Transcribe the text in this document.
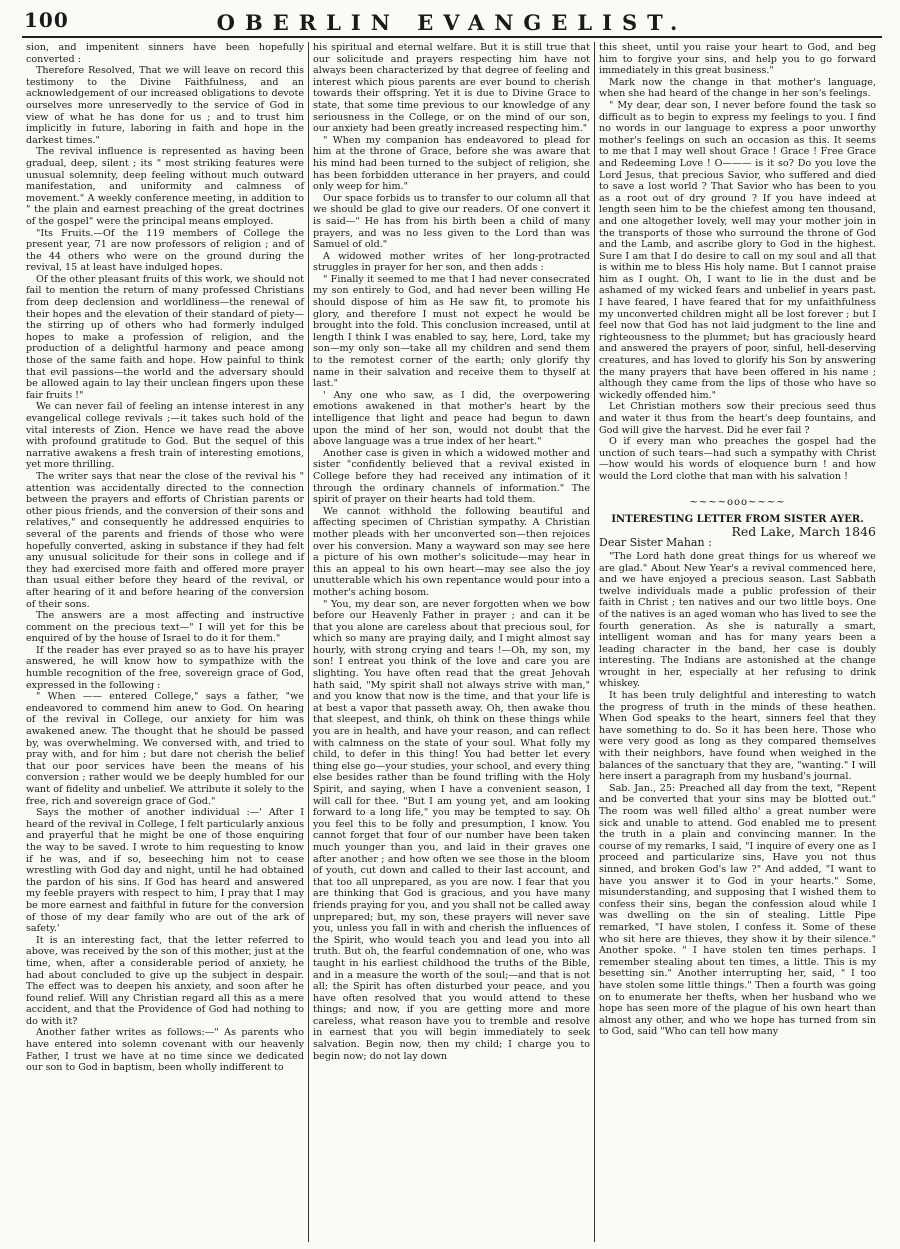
100	OBERLIN EVANGELIST.

sion, and impenitent sinners have been hopefully converted :

Therefore Resolved, That we will leave on record this testimony to the Divine Faithfulness, and an acknowledgement of our increased obligations to devote ourselves more unreservedly to the service of God in view of what he has done for us ; and to trust him implicitly in future, laboring in faith and hope in the darkest times."

The revival influence is represented as having been gradual, deep, silent ; its " most striking features were unusual solemnity, deep feeling without much outward manifestation, and uniformity and calmness of movement." A weekly conference meeting, in addition to " the plain and earnest preaching of the great doctrines of the gospel" were the principal means employed.

"Its Fruits.—Of the 119 members of College the present year, 71 are now professors of religion ; and of the 44 others who were on the ground during the revival, 15 at least have indulged hopes.

Of the other pleasant fruits of this work, we should not fail to mention the return of many professed Christians from deep declension and worldliness—the renewal of their hopes and the elevation of their standard of piety—the stirring up of others who had formerly indulged hopes to make a profession of religion, and the production of a delightful harmony and peace among those of the same faith and hope. How painful to think that evil passions—the world and the adversary should be allowed again to lay their unclean fingers upon these fair fruits !"

We can never fail of feeling an intense interest in any evangelical college revivals ;—it takes such hold of the vital interests of Zion. Hence we have read the above with profound gratitude to God. But the sequel of this narrative awakens a fresh train of interesting emotions, yet more thrilling.

The writer says that near the close of the revival his " attention was accidentally directed to the connection between the prayers and efforts of Christian parents or other pious friends, and the conversion of their sons and relatives," and consequently he addressed enquiries to several of the parents and friends of those who were hopefully converted, asking in substance if they had felt any unusual solicitude for their sons in college and if they had exercised more faith and offered more prayer than usual either before they heard of the revival, or after hearing of it and before hearing of the conversion of their sons.

The answers are a most affecting and instructive comment on the precious text—" I will yet for this be enquired of by the house of Israel to do it for them."

If the reader has ever prayed so as to have his prayer answered, he will know how to sympathize with the humble recognition of the free, sovereign grace of God, expressed in the following :

" When —— entered College," says a father, "we endeavored to commend him anew to God. On hearing of the revival in College, our anxiety for him was awakened anew. The thought that he should be passed by, was overwhelming. We conversed with, and tried to pray with, and for him ; but dare not cherish the belief that our poor services have been the means of his conversion ; rather would we be deeply humbled for our want of fidelity and unbelief. We attribute it solely to the free, rich and sovereign grace of God."

Says the mother of another individual :—' After I heard of the revival in College, I felt particularly anxious and prayerful that he might be one of those enquiring the way to be saved. I wrote to him requesting to know if he was, and if so, beseeching him not to cease wrestling with God day and night, until he had obtained the pardon of his sins. If God has heard and answered my feeble prayers with respect to him, I pray that I may be more earnest and faithful in future for the conversion of those of my dear family who are out of the ark of safety.'

It is an interesting fact, that the letter referred to above, was received by the son of this mother, just at the time, when, after a considerable period of anxiety, he had about concluded to give up the subject in despair. The effect was to deepen his anxiety, and soon after he found relief. Will any Christian regard all this as a mere accident, and that the Providence of God had nothing to do with it?

Another father writes as follows:—" As parents who have entered into solemn covenant with our heavenly Father, I trust we have at no time since we dedicated our son to God in baptism, been wholly indifferent to

his spiritual and eternal welfare. But it is still true that our solicitude and prayers respecting him have not always been characterized by that degree of feeling and interest which pious parents are ever bound to cherish towards their offspring. Yet it is due to Divine Grace to state, that some time previous to our knowledge of any seriousness in the College, or on the mind of our son, our anxiety had been greatly increased respecting him."

" When my companion has endeavored to plead for him at the throne of Grace, before she was aware that his mind had been turned to the subject of religion, she has been forbidden utterance in her prayers, and could only weep for him."

Our space forbids us to transfer to our column all that we should be glad to give our readers. Of one convert it is said—" He has from his birth been a child of many prayers, and was no less given to the Lord than was Samuel of old."

A widowed mother writes of her long-protracted struggles in prayer for her son, and then adds :

" Finally it seemed to me that I had never consecrated my son entirely to God, and had never been willing He should dispose of him as He saw fit, to promote his glory, and therefore I must not expect he would be brought into the fold. This conclusion increased, until at length I think I was enabled to say, here, Lord, take my son—my only son—take all my children and send them to the remotest corner of the earth; only glorify thy name in their salvation and receive them to thyself at last."

' Any one who saw, as I did, the overpowering emotions awakened in that mother's heart by the intelligence that light and peace had begun to dawn upon the mind of her son, would not doubt that the above language was a true index of her heart."

Another case is given in which a widowed mother and sister "confidently believed that a revival existed in College before they had received any intimation of it through the ordinary channels of information." The spirit of prayer on their hearts had told them.

We cannot withhold the following beautiful and affecting specimen of Christian sympathy. A Christian mother pleads with her unconverted son—then rejoices over his conversion. Many a wayward son may see here a picture of his own mother's solicitude—may hear in this an appeal to his own heart—may see also the joy unutterable which his own repentance would pour into a mother's aching bosom.

" You, my dear son, are never forgotten when we bow before our Heavenly Father in prayer ; and can it be that you alone are careless about that precious soul, for which so many are praying daily, and I might almost say hourly, with strong crying and tears !—Oh, my son, my son! I entreat you think of the love and care you are slighting. You have often read that the great Jehovah hath said, "My spirit shall not always strive with man," and you know that now is the time, and that your life is at best a vapor that passeth away. Oh, then awake thou that sleepest, and think, oh think on these things while you are in health, and have your reason, and can reflect with calmness on the state of your soul. What folly my child, to defer in this thing! You had better let every thing else go—your studies, your school, and every thing else besides rather than be found trifling with the Holy Spirit, and saying, when I have a convenient season, I will call for thee. "But I am young yet, and am looking forward to a long life," you may be tempted to say. Oh you feel this to be folly and presumption, I know. You cannot forget that four of our number have been taken much younger than you, and laid in their graves one after another ; and how often we see those in the bloom of youth, cut down and called to their last account, and that too all unprepared, as you are now. I fear that you are thinking that God is gracious, and you have many friends praying for you, and you shall not be called away unprepared; but, my son, these prayers will never save you, unless you fall in with and cherish the influences of the Spirit, who would teach you and lead you into all truth. But oh, the fearful condemnation of one, who was taught in his earliest childhood the truths of the Bible, and in a measure the worth of the soul;—and that is not all; the Spirit has often disturbed your peace, and you have often resolved that you would attend to these things; and now, if you are getting more and more careless, what reason have you to tremble and resolve in earnest that you will begin immediately to seek salvation. Begin now, then my child; I charge you to begin now; do not lay down

this sheet, until you raise your heart to God, and beg him to forgive your sins, and help you to go forward immediately in this great business."

Mark now the change in that mother's language, when she had heard of the change in her son's feelings.

" My dear, dear son, I never before found the task so difficult as to begin to express my feelings to you. I find no words in our language to express a poor unworthy mother's feelings on such an occasion as this. It seems to me that I may well shout Grace ! Grace ! Free Grace and Redeeming Love ! O——— is it so? Do you love the Lord Jesus, that precious Savior, who suffered and died to save a lost world ? That Savior who has been to you as a root out of dry ground ? If you have indeed at length seen him to be the chiefest among ten thousand, and one altogether lovely, well may your mother join in the transports of those who surround the throne of God and the Lamb, and ascribe glory to God in the highest. Sure I am that I do desire to call on my soul and all that is within me to bless His holy name. But I cannot praise him as I ought. Oh, I want to lie in the dust and be ashamed of my wicked fears and unbelief in years past. I have feared, I have feared that for my unfaithfulness my unconverted children might all be lost forever ; but I feel now that God has not laid judgment to the line and righteousness to the plummet; but has graciously heard and answered the prayers of poor, sinful, hell-deserving creatures, and has loved to glorify his Son by answering the many prayers that have been offered in his name ; although they came from the lips of those who have so wickedly offended him."

Let Christian mothers sow their precious seed thus and water it thus from the heart's deep fountains, and God will give the harvest. Did he ever fail ?

O if every man who preaches the gospel had the unction of such tears—had such a sympathy with Christ—how would his words of eloquence burn ! and how would the Lord clothe that man with his salvation !

~~~~ooo~~~~

INTERESTING LETTER FROM SISTER AYER.

Red Lake, March 1846

Dear Sister Mahan :

"The Lord hath done great things for us whereof we are glad." About New Year's a revival commenced here, and we have enjoyed a precious season. Last Sabbath twelve individuals made a public profession of their faith in Christ ; ten natives and our two little boys. One of the natives is an aged woman who has lived to see the fourth generation. As she is naturally a smart, intelligent woman and has for many years been a leading character in the band, her case is doubly interesting. The Indians are astonished at the change wrought in her, especially at her refusing to drink whiskey.

It has been truly delightful and interesting to watch the progress of truth in the minds of these heathen. When God speaks to the heart, sinners feel that they have something to do. So it has been here. Those who were very good as long as they compared themselves with their neighbors, have found when weighed in the balances of the sanctuary that they are, "wanting." I will here insert a paragraph from my husband's journal.

Sab. Jan., 25: Preached all day from the text, "Repent and be converted that your sins may be blotted out." The room was well filled altho' a great number were sick and unable to attend. God enabled me to present the truth in a plain and convincing manner. In the course of my remarks, I said, "I inquire of every one as I proceed and particularize sins, Have you not thus sinned, and broken God's law ?" And added, "I want to have you answer it to God in your hearts." Some, misunderstanding, and supposing that I wished them to confess their sins, began the confession aloud while I was dwelling on the sin of stealing. Little Pipe remarked, "I have stolen, I confess it. Some of these who sit here are thieves, they show it by their silence." Another spoke. " I have stolen ten times perhaps. I remember stealing about ten times, a little. This is my besetting sin." Another interrupting her, said, " I too have stolen some little things." Then a fourth was going on to enumerate her thefts, when her husband who we hope has seen more of the plague of his own heart than almost any other, and who we hope has turned from sin to God, said "Who can tell how many
